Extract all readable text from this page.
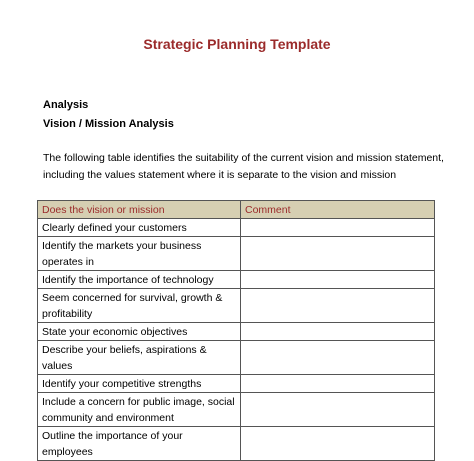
Strategic Planning Template
Analysis
Vision / Mission Analysis
The following table identifies the suitability of the current vision and mission statement,
including the values statement where it is separate to the vision and mission
Does the vision or mission	Comment
Clearly defined your customers	
Identify the markets your business operates in	
Identify the importance of technology	
Seem concerned for survival, growth & profitability	
State your economic objectives	
Describe your beliefs, aspirations & values	
Identify your competitive strengths	
Include a concern for public image, social community and environment	
Outline the importance of your employees	
